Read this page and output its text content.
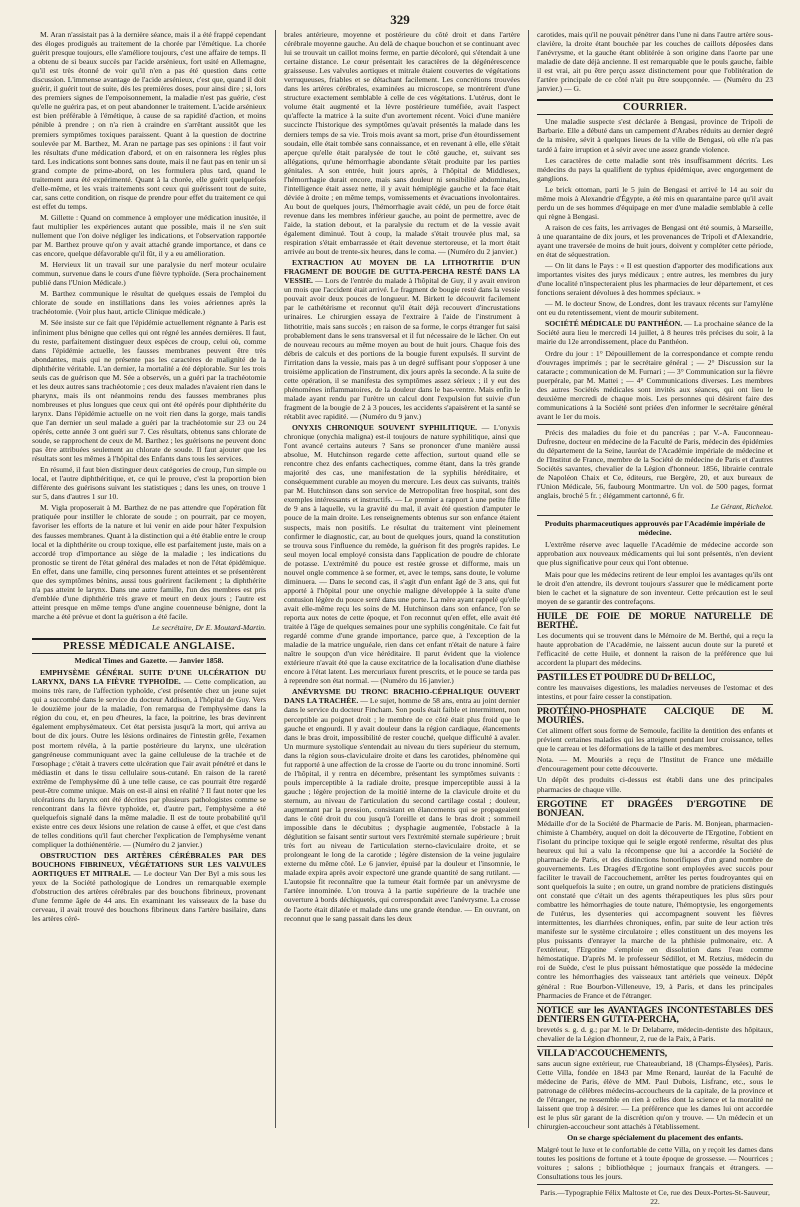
329

M. Aran n'assistait pas à la dernière séance, mais il a été frappé cependant des éloges prodigués au traitement de la chorée par l'émétique. La chorée guérit presque toujours, elle s'améliore toujours, c'est une affaire de temps. Il a obtenu de si beaux succès par l'acide arsénieux, fort usité en Allemagne, qu'il est très étonné de voir qu'il n'en a pas été question dans cette discussion. L'immense avantage de l'acide arsénieux, c'est que, quand il doit guérir, il guérit tout de suite, dès les premières doses, pour ainsi dire ; si, lors des premiers signes de l'empoisonnement, la maladie n'est pas guérie, c'est qu'elle ne guérira pas, et on peut abandonner le traitement. L'acide arsénieux est bien préférable à l'émétique, à cause de sa rapidité d'action, et moins pénible à prendre ; on n'a rien à craindre en s'arrêtant aussitôt que les premiers symptômes toxiques paraissent. Quant à la question de doctrine soulevée par M. Barthez, M. Aran ne partage pas ses opinions : il faut voir les résultats d'une médication d'abord, et on en raisonnera les règles plus tard. Les indications sont bonnes sans doute, mais il ne faut pas en tenir un si grand compte de prime-abord, on les formulera plus tard, quand le traitement aura été expérimenté. Quant à la chorée, elle guérit quelquefois d'elle-même, et les vrais traitements sont ceux qui guérissent tout de suite, car, sans cette condition, on risque de prendre pour effet du traitement ce qui est effet du temps.

M. Gillette : Quand on commence à employer une médication inusitée, il faut multiplier les expériences autant que possible, mais il ne s'en suit nullement que l'on doive négliger les indications, et l'observation rapportée par M. Barthez prouve qu'on y avait attaché grande importance, et dans ce cas encore, quelque défavorable qu'il fût, il y a eu amélioration.

M. Hervieux lit un travail sur une paralysie du nerf moteur oculaire commun, survenue dans le cours d'une fièvre typhoïde. (Sera prochainement publié dans l'Union Médicale.)

M. Barthez communique le résultat de quelques essais de l'emploi du chlorate de soude en instillations dans les voies aériennes après la trachéotomie. (Voir plus haut, article Clinique médicale.)

M. Sée insiste sur ce fait que l'épidémie actuellement régnante à Paris est infiniment plus bénigne que celles qui ont régné les années dernières. Il faut, du reste, parfaitement distinguer deux espèces de croup, celui où, comme dans l'épidémie actuelle, les fausses membranes peuvent être très abondantes, mais qui ne présente pas les caractères de malignité de la diphthérite véritable. L'an dernier, la mortalité a été déplorable. Sur les trois seuls cas de guérison que M. Sée a observés, un a guéri par la trachéotomie et les deux autres sans trachéotomie ; ces deux malades n'avaient rien dans le pharynx, mais ils ont néanmoins rendu des fausses membranes plus nombreuses et plus longues que ceux qui ont été opérés pour diphthérite du larynx. Dans l'épidémie actuelle on ne voit rien dans la gorge, mais tandis que l'an dernier un seul malade a guéri par la trachéotomie sur 23 ou 24 opérés, cette année 3 ont guéri sur 7. Ces résultats, obtenus sans chlorate de soude, se rapprochent de ceux de M. Barthez ; les guérisons ne peuvent donc pas être attribuées seulement au chlorate de soude. Il faut ajouter que les résultats sont les mêmes à l'hôpital des Enfants dans tous les services.

En résumé, il faut bien distinguer deux catégories de croup, l'un simple ou local, et l'autre diphthéritique, et, ce qui le prouve, c'est la proportion bien différente des guérisons suivant les statistiques ; dans les unes, on trouve 1 sur 5, dans d'autres 1 sur 10.

M. Vigla proposerait à M. Barthez de ne pas attendre que l'opération fût pratiquée pour instiller le chlorate de soude ; on pourrait, par ce moyen, favoriser les efforts de la nature et lui venir en aide pour hâter l'expulsion des fausses membranes. Quant à la distinction qui a été établie entre le croup local et la diphthérite ou croup toxique, elle est parfaitement juste, mais on a accordé trop d'importance au siège de la maladie ; les indications du pronostic se tirent de l'état général des malades et non de l'état épidémique. En effet, dans une famille, cinq personnes furent atteintes et se présentèrent que des symptômes bénins, aussi tous guérirent facilement ; la diphthérite n'a pas atteint le larynx. Dans une autre famille, l'un des membres est pris d'emblée d'une diphthérie très grave et meurt en deux jours ; l'autre est atteint presque en même temps d'une angine couenneuse bénigne, dont la marche a été prévue et dont la guérison a été facile.

Le secrétaire, Dr E. Moutard-Martin.

PRESSE MÉDICALE ANGLAISE.
Medical Times and Gazette. — Janvier 1858.

EMPHYSÈME GÉNÉRAL SUITE D'UNE ULCÉRATION DU LARYNX, DANS LA FIÈVRE TYPHOÏDE. — Cette complication, au moins très rare, de l'affection typhoïde, c'est présentée chez un jeune sujet qui a succombé dans le service du docteur Addison, à l'hôpital de Guy. Vers le douzième jour de la maladie, l'on remarqua de l'emphysème dans la région du cou, et, en peu d'heures, la face, la poitrine, les bras devinrent également emphysémateux. Cet état persista jusqu'à la mort, qui arriva au bout de dix jours. Outre les lésions ordinaires de l'intestin grêle, l'examen post mortem révéla, à la partie postérieure du larynx, une ulcération gangréneuse communiquant avec la gaine celluleuse de la trachée et de l'œsophage ; c'était à travers cette ulcération que l'air avait pénétré et dans le médiastin et dans le tissu cellulaire sous-cutané. En raison de la rareté extrême de l'emphysème dû à une telle cause, ce cas pourrait être regardé peut-être comme unique. Mais on est-il ainsi en réalité ? Il faut noter que les ulcérations du larynx ont été décrites par plusieurs pathologistes comme se rencontrant dans la fièvre typhoïde, et, d'autre part, l'emphysème a été quelquefois signalé dans la même maladie. Il est de toute probabilité qu'il existe entre ces deux lésions une relation de cause à effet, et que c'est dans de telles conditions qu'il faut chercher l'explication de l'emphysème venant compliquer la dothiénentérie. — (Numéro du 2 janvier.)

OBSTRUCTION DES ARTÈRES CÉRÉBRALES PAR DES BOUCHONS FIBRINEUX, VÉGÉTATIONS SUR LES VALVULES AORTIQUES ET MITRALE. — Le docteur Van Der Byl a mis sous les yeux de la Société pathologique de Londres un remarquable exemple d'obstruction des artères cérébrales par des bouchons fibrineux, provenant d'une femme âgée de 44 ans. En examinant les vaisseaux de la base du cerveau, il avait trouvé des bouchons fibrineux dans l'artère basilaire, dans les artères céré-

brales antérieure, moyenne et postérieure du côté droit et dans l'artère cérébrale moyenne gauche. Au delà de chaque bouchon et se continuant avec lui se trouvait un caillot moins ferme, en partie décoloré, qui s'étendait à une certaine distance. Le cœur présentait les caractères de la dégénérescence graisseuse. Les valvules aortiques et mitrale étaient couvertes de végétations verruqueuses, friables et se détachant facilement. Les concrétions trouvées dans les artères cérébrales, examinées au microscope, se montrèrent d'une structure exactement semblable à celle de ces végétations. L'utérus, dont le volume était augmenté et la lèvre postérieure tuméfiée, avait l'aspect qu'affecte la matrice à la suite d'un avortement récent. Voici d'une manière succincte l'historique des symptômes qu'avait présentés la malade dans les derniers temps de sa vie. Trois mois avant sa mort, prise d'un étourdissement soudain, elle était tombée sans connaissance, et en revenant à elle, elle s'était aperçue qu'elle était paralysée de tout le côté gauche, et, suivant ses allégations, qu'une hémorrhagie abondante s'était produite par les parties génitales. A son entrée, huit jours après, à l'hôpital de Middlesex, l'hémorrhagie durait encore, mais sans douleur ni sensibilité abdominales, l'intelligence était assez nette, il y avait hémiplégie gauche et la face était déviée à droite ; en même temps, vomissements et évacuations involontaires. Au bout de quelques jours, l'hémorrhagie avait cédé, un peu de force était revenue dans les membres inférieur gauche, au point de permettre, avec de l'aide, la station debout, et la paralysie du rectum et de la vessie avait également diminué. Tout à coup, la malade s'était trouvée plus mal, sa respiration s'était embarrassée et était devenue stertoreuse, et la mort était arrivée au bout de trente-six heures, dans le coma. — (Numéro du 2 janvier.)

EXTRACTION AU MOYEN DE LA LITHOTRITIE D'UN FRAGMENT DE BOUGIE DE GUTTA-PERCHA RESTÉ DANS LA VESSIE. — Lors de l'entrée du malade à l'hôpital de Guy, il y avait environ un mois que l'accident était arrivé. Le fragment de bougie resté dans la vessie pouvait avoir deux pouces de longueur. M. Birkett le découvrit facilement par le cathétérisme et reconnut qu'il était déjà recouvert d'incrustations urinaires. Le chirurgien essaya de l'extraire à l'aide de l'instrument à lithotritie, mais sans succès ; en raison de sa forme, le corps étranger fut saisi probablement dans le sens transversal et il fut nécessaire de le lâcher. On eut de nouveau recours au même moyen au bout de huit jours. Chaque fois des débris de calculs et des portions de la bougie furent expulsés. Il survint de l'irritation dans la vessie, mais pas à un degré suffisant pour s'opposer à une troisième application de l'instrument, dix jours après la seconde. A la suite de cette opération, il se manifesta des symptômes assez sérieux ; il y eut des phénomènes inflammatoires, de la douleur dans le bas-ventre. Mais enfin le malade ayant rendu par l'urètre un calcul dont l'expulsion fut suivie d'un fragment de la bougie de 2 à 3 pouces, les accidents s'apaisèrent et la santé se rétablit avec rapidité. — (Numéro du 9 janv.)

ONYXIS CHRONIQUE SOUVENT SYPHILITIQUE. — L'onyxis chronique (onychia maligna) est-il toujours de nature syphilitique, ainsi que l'ont avancé certains auteurs ? Sans se prononcer d'une manière aussi absolue, M. Hutchinson regarde cette affection, surtout quand elle se rencontre chez des enfants cachectiques, comme étant, dans la très grande majorité des cas, une manifestation de la syphilis héréditaire, et conséquemment curable au moyen du mercure. Les deux cas suivants, traités par M. Hutchinson dans son service de Metropolitan free hospital, sont des exemples intéressants et instructifs. — Le premier a rapport à une petite fille de 9 ans à laquelle, vu la gravité du mal, il avait été question d'amputer le pouce de la main droite. Les renseignements obtenus sur son enfance étaient suspects, mais non positifs. Le résultat du traitement vint pleinement confirmer le diagnostic, car, au bout de quelques jours, quand la constitution se trouva sous l'influence du remède, la guérison fit des progrès rapides. Le seul moyen local employé consista dans l'application de poudre de chlorate de potasse. L'extrémité du pouce est restée grosse et difforme, mais un nouvel ongle commence à se former, et, avec le temps, sans doute, le volume diminuera. — Dans le second cas, il s'agit d'un enfant âgé de 3 ans, qui fut apporté à l'hôpital pour une onychie maligne développée à la suite d'une contusion légère du pouce serré dans une porte. La mère ayant rappelé qu'elle avait elle-même reçu les soins de M. Hutchinson dans son enfance, l'on se reporta aux notes de cette époque, et l'on reconnut qu'en effet, elle avait été traitée à l'âge de quelques semaines pour une syphilis congénitale. Ce fait fut regardé comme d'une grande importance, parce que, à l'exception de la maladie de la matrice unguéale, rien dans cet enfant n'était de nature à faire naître le soupçon d'un vice héréditaire. Il parut évident que la violence extérieure n'avait été que la cause excitatrice de la localisation d'une diathèse encore à l'état latent. Les mercuriaux furent prescrits, et le pouce se tarda pas à reprendre son état normal. — (Numéro du 16 janvier.)

ANÉVRYSME DU TRONC BRACHIO-CÉPHALIQUE OUVERT DANS LA TRACHÉE. — Le sujet, homme de 58 ans, entra au joint dernier dans le service du docteur Fincham. Son pouls était faible et intermittent, non perceptible au poignet droit ; le membre de ce côté était plus froid que le gauche et engourdi. Il y avait douleur dans la région cardiaque, élancements dans le bras droit, impossibilité de rester couché, quelque difficulté à avaler. Un murmure systolique s'entendait au niveau du tiers supérieur du sternum, dans la région sous-claviculaire droite et dans les carotides, phénomène qui fut rapporté à une affection de la crosse de l'aorte ou du tronc innominé. Sorti de l'hôpital, il y rentra en décembre, présentant les symptômes suivants : pouls imperceptible à la radiale droite, presque imperceptible aussi à la gauche ; légère projection de la moitié interne de la clavicule droite et du sternum, au niveau de l'articulation du second cartilage costal ; douleur, augmentant par la pression, consistant en élancements qui se propageaient dans le côté droit du cou jusqu'à l'oreille et dans le bras droit ; sommeil impossible dans le décubitus ; dysphagie augmentée, l'obstacle à la déglutition se faisant sentir surtout vers l'extrémité sternale supérieure ; bruit très fort au niveau de l'articulation sterno-claviculaire droite, et se prolongeant le long de la carotide ; légère distension de la veine jugulaire externe du même côté. Le 6 janvier, épuisé par la douleur et l'insomnie, le malade expira après avoir expectoré une grande quantité de sang rutilant. — L'autopsie fit reconnaître que la tumeur était formée par un anévrysme de l'artère innominée. L'on trouva à la partie supérieure de la trachée une ouverture à bords déchiquetés, qui correspondait avec l'anévrysme. La crosse de l'aorte était dilatée et malade dans une grande étendue. — En ouvrant, on reconnut que le sang passait dans les deux

carotides, mais qu'il ne pouvait pénétrer dans l'une ni dans l'autre artère sous-clavière, la droite étant bouchée par les couches de caillots déposées dans l'anévrysme, et la gauche étant oblitérée à son origine dans l'aorte par une maladie de date déjà ancienne. Il est remarquable que le pouls gauche, faible il est vrai, ait pu être perçu assez distinctement pour que l'oblitération de l'artère principale de ce côté n'ait pu être soupçonnée. — (Numéro du 23 janvier.) — G.

COURRIER.

Une maladie suspecte s'est déclarée à Bengasi, province de Tripoli de Barbarie. Elle a débuté dans un campement d'Arabes réduits au dernier degré de la misère, sévit à quelques lieues de la ville de Bengasi, où elle n'a pas tardé à faire irruption et à sévir avec une assez grande violence.

Les caractères de cette maladie sont très insuffisamment décrits. Les médecins du pays la qualifient de typhus épidémique, avec engorgement de ganglions.

Le brick ottoman, parti le 5 juin de Bengasi et arrivé le 14 au soir du même mois à Alexandrie d'Égypte, a été mis en quarantaine parce qu'il avait perdu un de ses hommes d'équipage en mer d'une maladie semblable à celle qui règne à Bengasi.

A raison de ces faits, les arrivages de Bengasi ont été soumis, à Marseille, à une quarantaine de dix jours, et les provenances de Tripoli et d'Alexandrie, ayant une traversée de moins de huit jours, doivent y compléter cette période, en état de séquestration.

— On lit dans le Pays : « Il est question d'apporter des modifications aux importantes visites des jurys médicaux ; entre autres, les membres du jury d'une localité n'inspecteraient plus les pharmacies de leur département, et ces fonctions seraient dévolues à des hommes spéciaux. »

— M. le docteur Snow, de Londres, dont les travaux récents sur l'amylène ont eu du retentissement, vient de mourir subitement.

SOCIÉTÉ MÉDICALE DU PANTHÉON. — La prochaine séance de la Société aura lieu le mercredi 14 juillet, à 8 heures très précises du soir, à la mairie du 12e arrondissement, place du Panthéon.

Ordre du jour : 1° Dépouillement de la correspondance et compte rendu d'ouvrages imprimés ; par le secrétaire général ; — 2° Discussion sur la cataracte ; communication de M. Furnari ; — 3° Communication sur la fièvre puerpérale, par M. Mattei ; — 4° Communications diverses. Les membres des autres Sociétés médicales sont invités aux séances, qui ont lieu le deuxième mercredi de chaque mois. Les personnes qui désirent faire des communications à la Société sont priées d'en informer le secrétaire général avant le 1er du mois.

Précis des maladies du foie et du pancréas ; par V.-A. Fauconneau-Dufresne, docteur en médecine de la Faculté de Paris, médecin des épidémies du département de la Seine, lauréat de l'Académie impériale de médecine et de l'Institut de France, membre de la Société de médecine de Paris et d'autres Sociétés savantes, chevalier de la Légion d'honneur. 1856, librairie centrale de Napoléon Chaix et Ce, éditeurs, rue Bergère, 20, et aux bureaux de l'Union Médicale, 56, faubourg Montmartre. Un vol. de 500 pages, format anglais, broché 5 fr. ; élégamment cartonné, 6 fr.

Le Gérant, Richelot.

Produits pharmaceutiques approuvés par l'Académie impériale de médecine.

L'extrême réserve avec laquelle l'Académie de médecine accorde son approbation aux nouveaux médicaments qui lui sont présentés, n'en devient que plus significative pour ceux qui l'ont obtenue.

Mais pour que les médecins retirent de leur emploi les avantages qu'ils ont le droit d'en attendre, ils devront toujours s'assurer que le médicament porte bien le cachet et la signature de son inventeur. Cette précaution est le seul moyen de se garantir des contrefaçons.

HUILE DE FOIE DE MORUE NATURELLE DE BERTHÉ.

Les documents qui se trouvent dans le Mémoire de M. Berthé, qui a reçu la haute approbation de l'Académie, ne laissent aucun doute sur la pureté et l'efficacité de cette Huile, et donnent la raison de la préférence que lui accordent la plupart des médecins.

PASTILLES ET POUDRE DU Dr BELLOC,

contre les mauvaises digestions, les maladies nerveuses de l'estomac et des intestins, et pour faire cesser la constipation.

PROTÉINO-PHOSPHATE CALCIQUE DE M. MOURIÈS.

Cet aliment offert sous forme de Semoule, facilite la dentition des enfants et prévient certaines maladies qui les atteignent pendant leur croissance, telles que le carreau et les déformations de la taille et des membres.

Nota. — M. Mouriès a reçu de l'Institut de France une médaille d'encouragement pour cette découverte.

Un dépôt des produits ci-dessus est établi dans une des principales pharmacies de chaque ville.

ERGOTINE ET DRAGÉES D'ERGOTINE DE BONJEAN.

Médaille d'or de la Société de Pharmacie de Paris. M. Bonjean, pharmacien-chimiste à Chambéry, auquel on doit la découverte de l'Ergotine, l'obtient en l'isolant du principe toxique qui le seigle ergoté renferme, résultat des plus heureux qui lui a valu la récompense que lui a accordée la Société de pharmacie de Paris, et des distinctions honorifiques d'un grand nombre de gouvernements. Les Dragées d'Ergotine sont employées avec succès pour faciliter le travail de l'accouchement, arrêter les pertes foudroyantes qui en sont quelquefois la suite ; en outre, un grand nombre de praticiens distingués ont constaté que c'était un des agents thérapeutiques les plus sûrs pour combattre les hémorrhagies de toute nature, l'hémoptysie, les engorgements de l'utérus, les dysenteries qui accompagnent souvent les fièvres intermittentes, les diarrhées chroniques, enfin, par suite de leur action très manifeste sur le système circulatoire ; elles constituent un des moyens les plus puissants d'enrayer la marche de la phthisie pulmonaire, etc. A l'extérieur, l'Ergotine s'emploie en dissolution dans l'eau comme hémostatique. D'après M. le professeur Sédillot, et M. Retzius, médecin du roi de Suède, c'est le plus puissant hémostatique que possède la médecine contre les hémorrhagies des vaisseaux tant artériels que veineux. Dépôt général : Rue Bourbon-Villeneuve, 19, à Paris, et dans les principales Pharmacies de France et de l'étranger.

NOTICE sur les AVANTAGES INCONTESTABLES DES DENTIERS EN GUTTA-PERCHA,

brevetés s. g. d. g.; par M. le Dr Delabarre, médecin-dentiste des hôpitaux, chevalier de la Légion d'honneur, 2, rue de la Paix, à Paris.

VILLA D'ACCOUCHEMENTS,

sans aucun signe extérieur, rue Chateaubriand, 18 (Champs-Élysées), Paris. Cette Villa, fondée en 1843 par Mme Renard, lauréat de la Faculté de médecine de Paris, élève de MM. Paul Dubois, Lisfranc, etc., sous le patronage de célèbres médecins-accoucheurs de la capitale, de la province et de l'étranger, ne ressemble en rien à celles dont la science et la moralité ne laissent que trop à désirer. — La préférence que les dames lui ont accordée est le plus sûr garant de la discrétion qu'on y trouve. — Un médecin et un chirurgien-accoucheur sont attachés à l'établissement.

On se charge spécialement du placement des enfants.

Malgré tout le luxe et le confortable de cette Villa, on y reçoit les dames dans toutes les positions de fortune et à toute époque de grossesse. — Nourrices ; voitures ; salons ; bibliothèque ; journaux français et étrangers. — Consultations tous les jours.

Paris.—Typographie Félix Maltoste et Ce, rue des Deux-Portes-St-Sauveur, 22.
